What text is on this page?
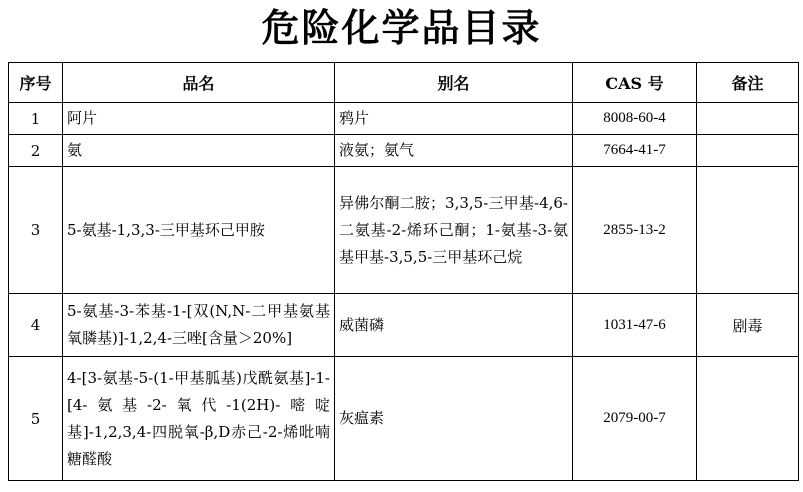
危险化学品目录
序号	品名	别名	CAS 号	备注
1	阿片	鸦片	8008-60-4	
2	氨	液氨；氨气	7664-41-7	
3	5-氨基-1,3,3-三甲基环己甲胺	异佛尔酮二胺；3,3,5-三甲基-4,6-二氨基-2-烯环己酮；1-氨基-3-氨基甲基-3,5,5-三甲基环己烷	2855-13-2	
4	5-氨基-3-苯基-1-[双(N,N-二甲基氨基氧膦基)]-1,2,4-三唑[含量＞20%]	威菌磷	1031-47-6	剧毒
5	4-[3-氨基-5-(1-甲基胍基)戊酰氨基]-1-[4-氨基-2-氧代-1(2H)-嘧啶基]-1,2,3,4-四脱氧-β,D赤己-2-烯吡喃糖醛酸	灰瘟素	2079-00-7	
